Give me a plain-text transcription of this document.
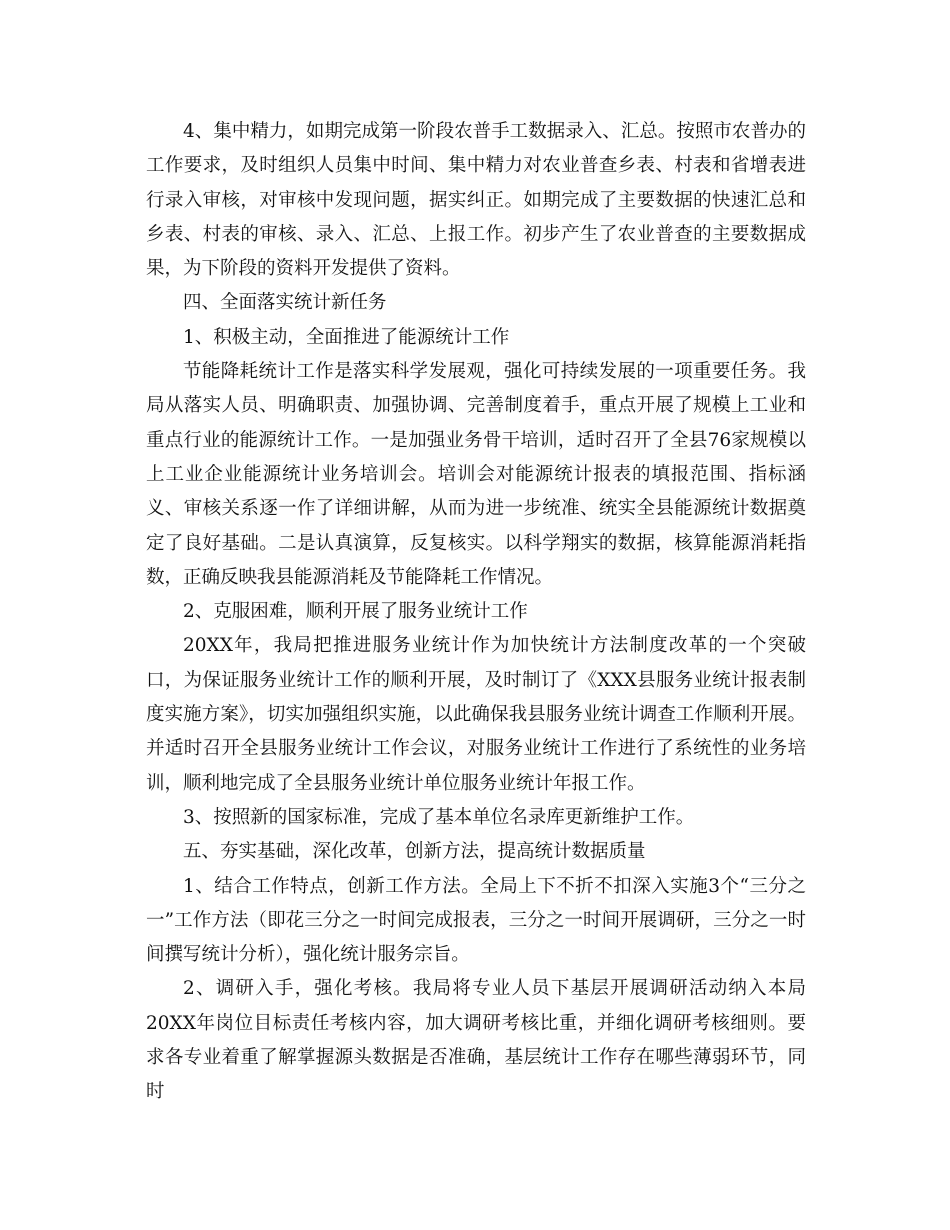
4、集中精力，如期完成第一阶段农普手工数据录入、汇总。按照市农普办的工作要求，及时组织人员集中时间、集中精力对农业普查乡表、村表和省增表进行录入审核，对审核中发现问题，据实纠正。如期完成了主要数据的快速汇总和乡表、村表的审核、录入、汇总、上报工作。初步产生了农业普查的主要数据成果，为下阶段的资料开发提供了资料。

四、全面落实统计新任务

1、积极主动，全面推进了能源统计工作

节能降耗统计工作是落实科学发展观，强化可持续发展的一项重要任务。我局从落实人员、明确职责、加强协调、完善制度着手，重点开展了规模上工业和重点行业的能源统计工作。一是加强业务骨干培训，适时召开了全县76家规模以上工业企业能源统计业务培训会。培训会对能源统计报表的填报范围、指标涵义、审核关系逐一作了详细讲解，从而为进一步统准、统实全县能源统计数据奠定了良好基础。二是认真演算，反复核实。以科学翔实的数据，核算能源消耗指数，正确反映我县能源消耗及节能降耗工作情况。

2、克服困难，顺利开展了服务业统计工作

20XX年，我局把推进服务业统计作为加快统计方法制度改革的一个突破口，为保证服务业统计工作的顺利开展，及时制订了《XXX县服务业统计报表制度实施方案》，切实加强组织实施，以此确保我县服务业统计调查工作顺利开展。并适时召开全县服务业统计工作会议，对服务业统计工作进行了系统性的业务培训，顺利地完成了全县服务业统计单位服务业统计年报工作。

3、按照新的国家标准，完成了基本单位名录库更新维护工作。

五、夯实基础，深化改革，创新方法，提高统计数据质量

1、结合工作特点，创新工作方法。全局上下不折不扣深入实施3个“三分之一”工作方法（即花三分之一时间完成报表，三分之一时间开展调研，三分之一时间撰写统计分析），强化统计服务宗旨。

2、调研入手，强化考核。我局将专业人员下基层开展调研活动纳入本局20XX年岗位目标责任考核内容，加大调研考核比重，并细化调研考核细则。要求各专业着重了解掌握源头数据是否准确，基层统计工作存在哪些薄弱环节，同时
